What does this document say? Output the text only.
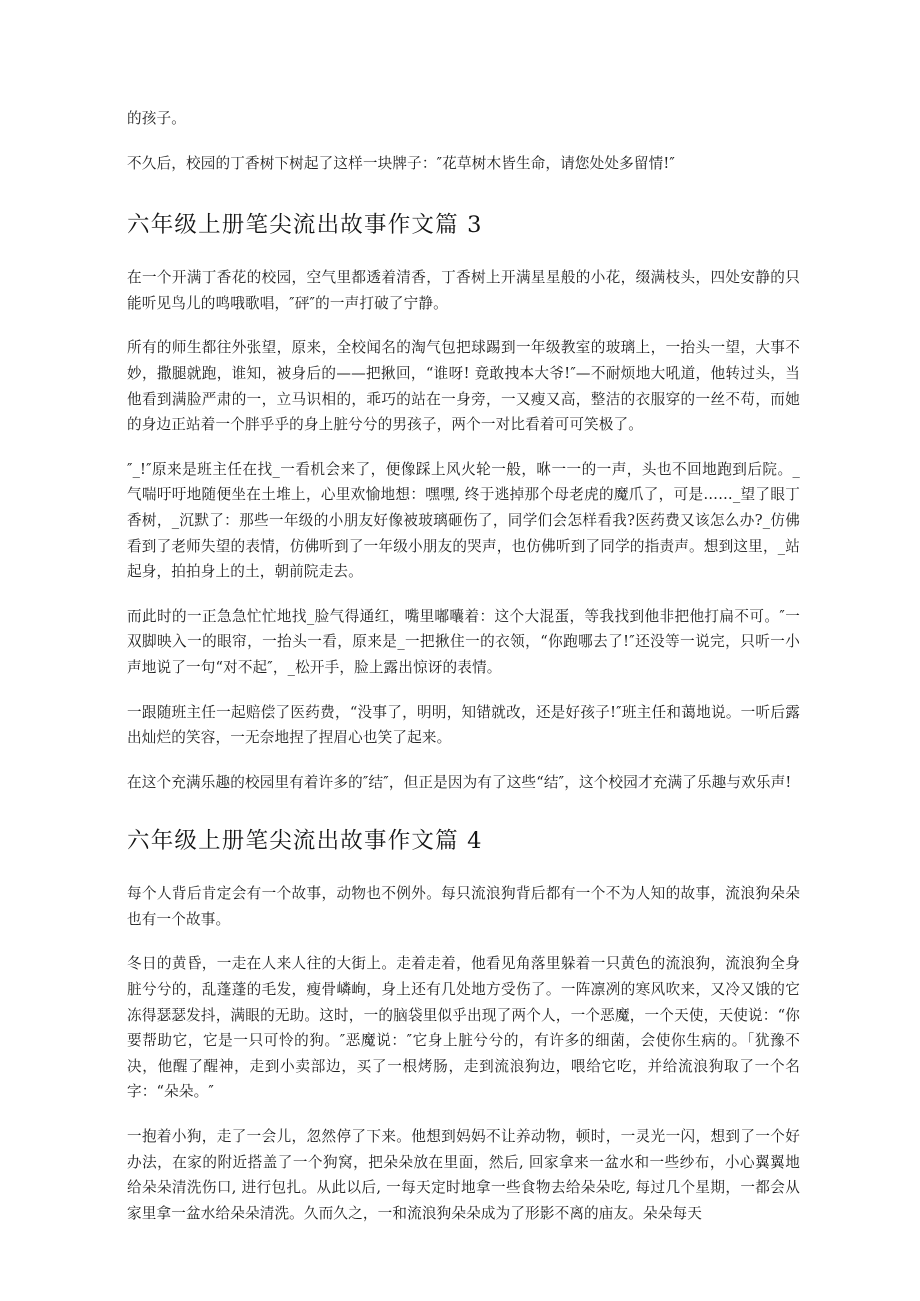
的孩子。

不久后，校园的丁香树下树起了这样一块牌子：″花草树木皆生命，请您处处多留情!″

六年级上册笔尖流出故事作文篇 3

在一个开满丁香花的校园，空气里都透着清香，丁香树上开满星星般的小花，缀满枝头，四处安静的只能听见鸟儿的鸣哦歌唱，″砰″的一声打破了宁静。

所有的师生都往外张望，原来，全校闻名的淘气包把球踢到一年级教室的玻璃上，一抬头一望，大事不妙，撒腿就跑，谁知，被身后的——把揪回，“谁呀! 竟敢拽本大爷!″—不耐烦地大吼道，他转过头，当他看到满脸严肃的一，立马识相的，乖巧的站在一身旁，一又瘦又高，整洁的衣服穿的一丝不苟，而她的身边正站着一个胖乎乎的身上脏兮兮的男孩子，两个一对比看着可可笑极了。

″_!″原来是班主任在找_一看机会来了，便像踩上风火轮一般，咻一一的一声，头也不回地跑到后院。_气喘吁吁地随便坐在土堆上，心里欢愉地想：嘿嘿, 终于逃掉那个母老虎的魔爪了，可是……_望了眼丁香树，_沉默了：那些一年级的小朋友好像被玻璃砸伤了，同学们会怎样看我?医药费又该怎么办?_仿佛看到了老师失望的表情，仿佛听到了一年级小朋友的哭声，也仿佛听到了同学的指责声。想到这里，_站起身，拍拍身上的土，朝前院走去。

而此时的一正急急忙忙地找_脸气得通红，嘴里嘟囔着：这个大混蛋，等我找到他非把他打扁不可。″一双脚映入一的眼帘，一抬头一看，原来是_一把揪住一的衣领，“你跑哪去了!″还没等一说完，只听一小声地说了一句“对不起″，_松开手，脸上露出惊讶的表情。

一跟随班主任一起赔偿了医药费，“没事了，明明，知错就改，还是好孩子!″班主任和蔼地说。一听后露出灿烂的笑容，一无奈地捏了捏眉心也笑了起来。

在这个充满乐趣的校园里有着许多的″结″，但正是因为有了这些“结″，这个校园才充满了乐趣与欢乐声!

六年级上册笔尖流出故事作文篇 4

每个人背后肯定会有一个故事，动物也不例外。每只流浪狗背后都有一个不为人知的故事，流浪狗朵朵也有一个故事。

冬日的黄昏，一走在人来人往的大街上。走着走着，他看见角落里躲着一只黄色的流浪狗，流浪狗全身脏兮兮的，乱蓬蓬的毛发，瘦骨嶙峋，身上还有几处地方受伤了。一阵凛冽的寒风吹来，又冷又饿的它冻得瑟瑟发抖，满眼的无助。这时，一的脑袋里似乎出现了两个人，一个恶魔，一个天使，天使说：“你要帮助它，它是一只可怜的狗。″恶魔说：″它身上脏兮兮的，有许多的细菌，会使你生病的。「犹豫不决，他醒了醒神，走到小卖部边，买了一根烤肠，走到流浪狗边，喂给它吃，并给流浪狗取了一个名字：“朵朵。″

一抱着小狗，走了一会儿，忽然停了下来。他想到妈妈不让养动物，顿时，一灵光一闪，想到了一个好办法，在家的附近搭盖了一个狗窝，把朵朵放在里面，然后, 回家拿来一盆水和一些纱布，小心翼翼地给朵朵清洗伤口, 进行包扎。从此以后, 一每天定时地拿一些食物去给朵朵吃, 每过几个星期，一都会从家里拿一盆水给朵朵清洗。久而久之，一和流浪狗朵朵成为了形影不离的庙友。朵朵每天
